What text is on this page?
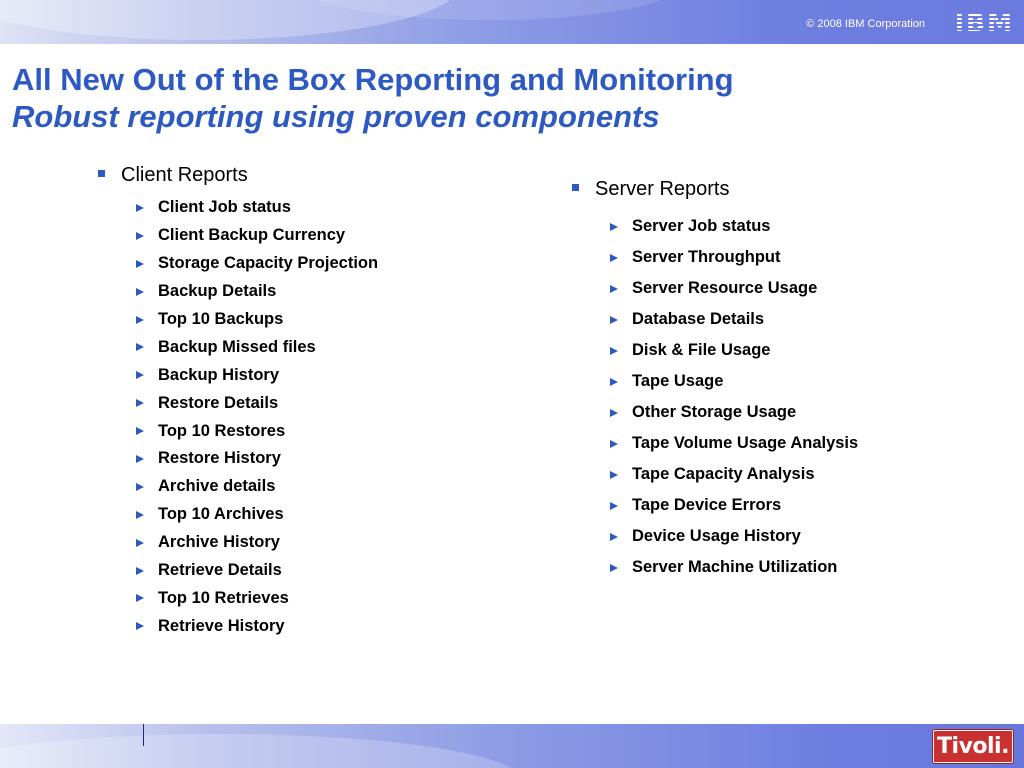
© 2008 IBM Corporation IBM
All New Out of the Box Reporting and Monitoring
Robust reporting using proven components
Client Reports
Client Job status
Client Backup Currency
Storage Capacity Projection
Backup Details
Top 10 Backups
Backup Missed files
Backup History
Restore Details
Top 10 Restores
Restore History
Archive details
Top 10 Archives
Archive History
Retrieve Details
Top 10 Retrieves
Retrieve History
Server Reports
Server Job status
Server Throughput
Server Resource Usage
Database Details
Disk & File Usage
Tape Usage
Other Storage Usage
Tape Volume Usage Analysis
Tape Capacity Analysis
Tape Device Errors
Device Usage History
Server Machine Utilization
Tivoli.
